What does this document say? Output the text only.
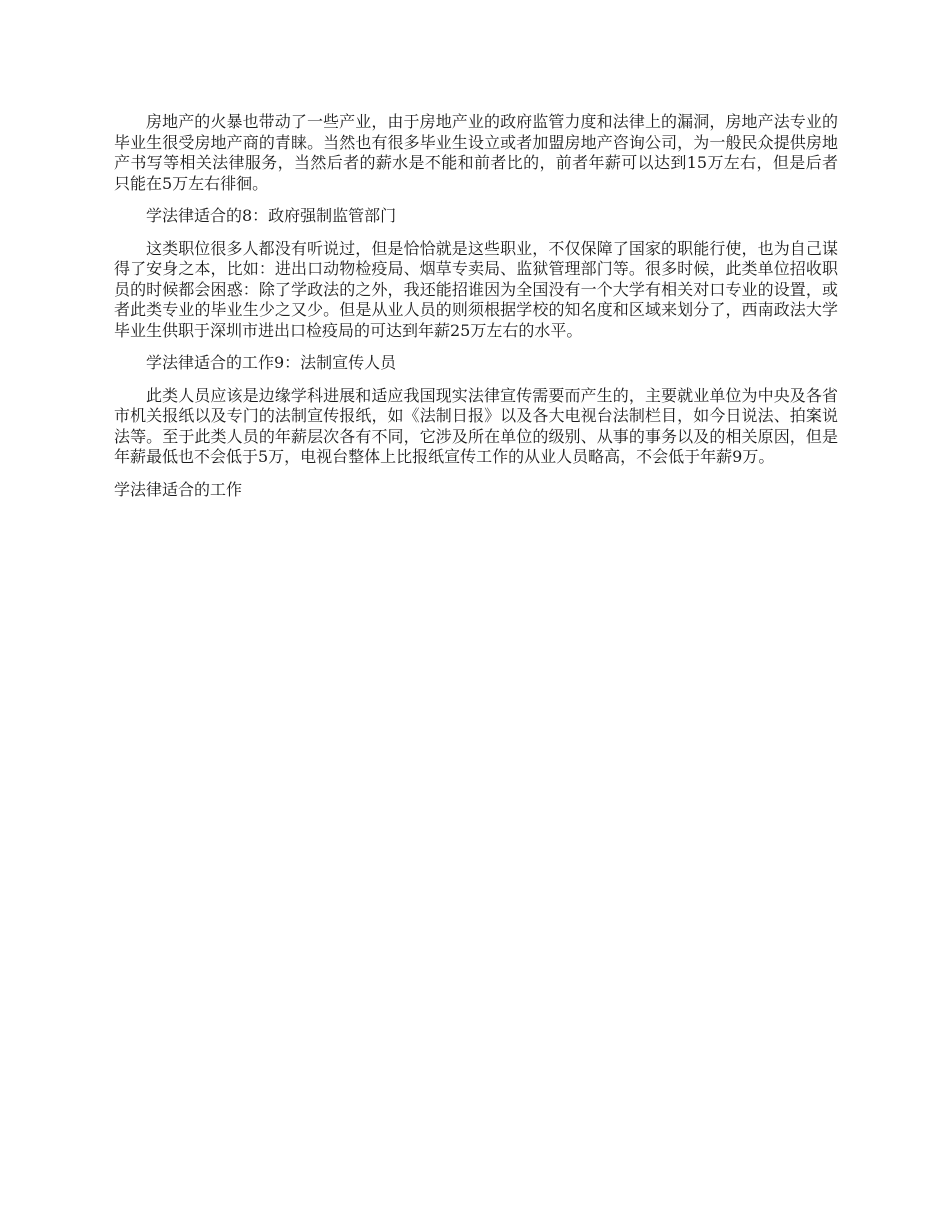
房地产的火暴也带动了一些产业，由于房地产业的政府监管力度和法律上的漏洞，房地产法专业的毕业生很受房地产商的青睐。当然也有很多毕业生设立或者加盟房地产咨询公司，为一般民众提供房地产书写等相关法律服务，当然后者的薪水是不能和前者比的，前者年薪可以达到15万左右，但是后者只能在5万左右徘徊。

学法律适合的8：政府强制监管部门

这类职位很多人都没有听说过，但是恰恰就是这些职业，不仅保障了国家的职能行使，也为自己谋得了安身之本，比如：进出口动物检疫局、烟草专卖局、监狱管理部门等。很多时候，此类单位招收职员的时候都会困惑：除了学政法的之外，我还能招谁因为全国没有一个大学有相关对口专业的设置，或者此类专业的毕业生少之又少。但是从业人员的则须根据学校的知名度和区域来划分了，西南政法大学毕业生供职于深圳市进出口检疫局的可达到年薪25万左右的水平。

学法律适合的工作9：法制宣传人员

此类人员应该是边缘学科进展和适应我国现实法律宣传需要而产生的，主要就业单位为中央及各省市机关报纸以及专门的法制宣传报纸，如《法制日报》以及各大电视台法制栏目，如今日说法、拍案说法等。至于此类人员的年薪层次各有不同，它涉及所在单位的级别、从事的事务以及的相关原因，但是年薪最低也不会低于5万，电视台整体上比报纸宣传工作的从业人员略高，不会低于年薪9万。

学法律适合的工作
